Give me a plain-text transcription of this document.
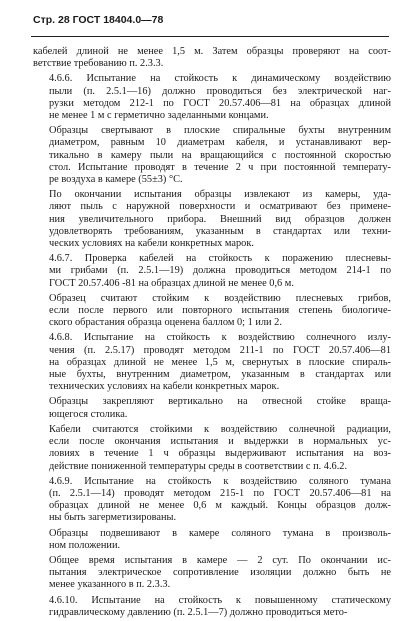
Стр. 28 ГОСТ 18404.0—78
кабелей длиной не менее 1,5 м. Затем образцы проверяют на соот-
ветствие требованию п. 2.3.3.
4.6.6. Испытание на стойкость к динамическому воздействию
пыли (п. 2.5.1—16) должно проводиться без электрической наг-
рузки методом 212-1 по ГОСТ 20.57.406—81 на образцах длиной
не менее 1 м с герметично заделанными концами.
Образцы свертывают в плоские спиральные бухты внутренним
диаметром, равным 10 диаметрам кабеля, и устанавливают вер-
тикально в камеру пыли на вращающийся с постоянной скоростью
стол. Испытание проводят в течение 2 ч при постоянной температу-
ре воздуха в камере (55±3) °С.
По окончании испытания образцы извлекают из камеры, уда-
ляют пыль с наружной поверхности и осматривают без примене-
ния увеличительного прибора. Внешний вид образцов должен
удовлетворять требованиям, указанным в стандартах или техни-
ческих условиях на кабели конкретных марок.
4.6.7. Проверка кабелей на стойкость к поражению плесневы-
ми грибами (п. 2.5.1—19) должна проводиться методом 214-1 по
ГОСТ 20.57.406 -81 на образцах длиной не менее 0,6 м.
Образец считают стойким к воздействию плесневых грибов,
если после первого или повторного испытания степень биологиче-
ского обрастания образца оценена баллом 0; 1 или 2.
4.6.8. Испытание на стойкость к воздействию солнечного излу-
чения (п. 2.5.17) проводят методом 211-1 по ГОСТ 20.57.406—81
на образцах длиной не менее 1,5 м, свернутых в плоские спираль-
ные бухты, внутренним диаметром, указанным в стандартах или
технических условиях на кабели конкретных марок.
Образцы закрепляют вертикально на отвесной стойке враща-
ющегося столика.
Кабели считаются стойкими к воздействию солнечной радиации,
если после окончания испытания и выдержки в нормальных ус-
ловиях в течение 1 ч образцы выдерживают испытания на воз-
действие пониженной температуры среды в соответствии с п. 4.6.2.
4.6.9. Испытание на стойкость к воздействию соляного тумана
(п. 2.5.1—14) проводят методом 215-1 по ГОСТ 20.57.406—81 на
образцах длиной не менее 0,6 м каждый. Концы образцов долж-
ны быть загерметизированы.
Образцы подвешивают в камере соляного тумана в произволь-
ном положении.
Общее время испытания в камере — 2 сут. По окончании ис-
пытания электрическое сопротивление изоляции должно быть не
менее указанного в п. 2.3.3.
4.6.10. Испытание на стойкость к повышенному статическому
гидравлическому давлению (п. 2.5.1—7) должно проводиться мето-
